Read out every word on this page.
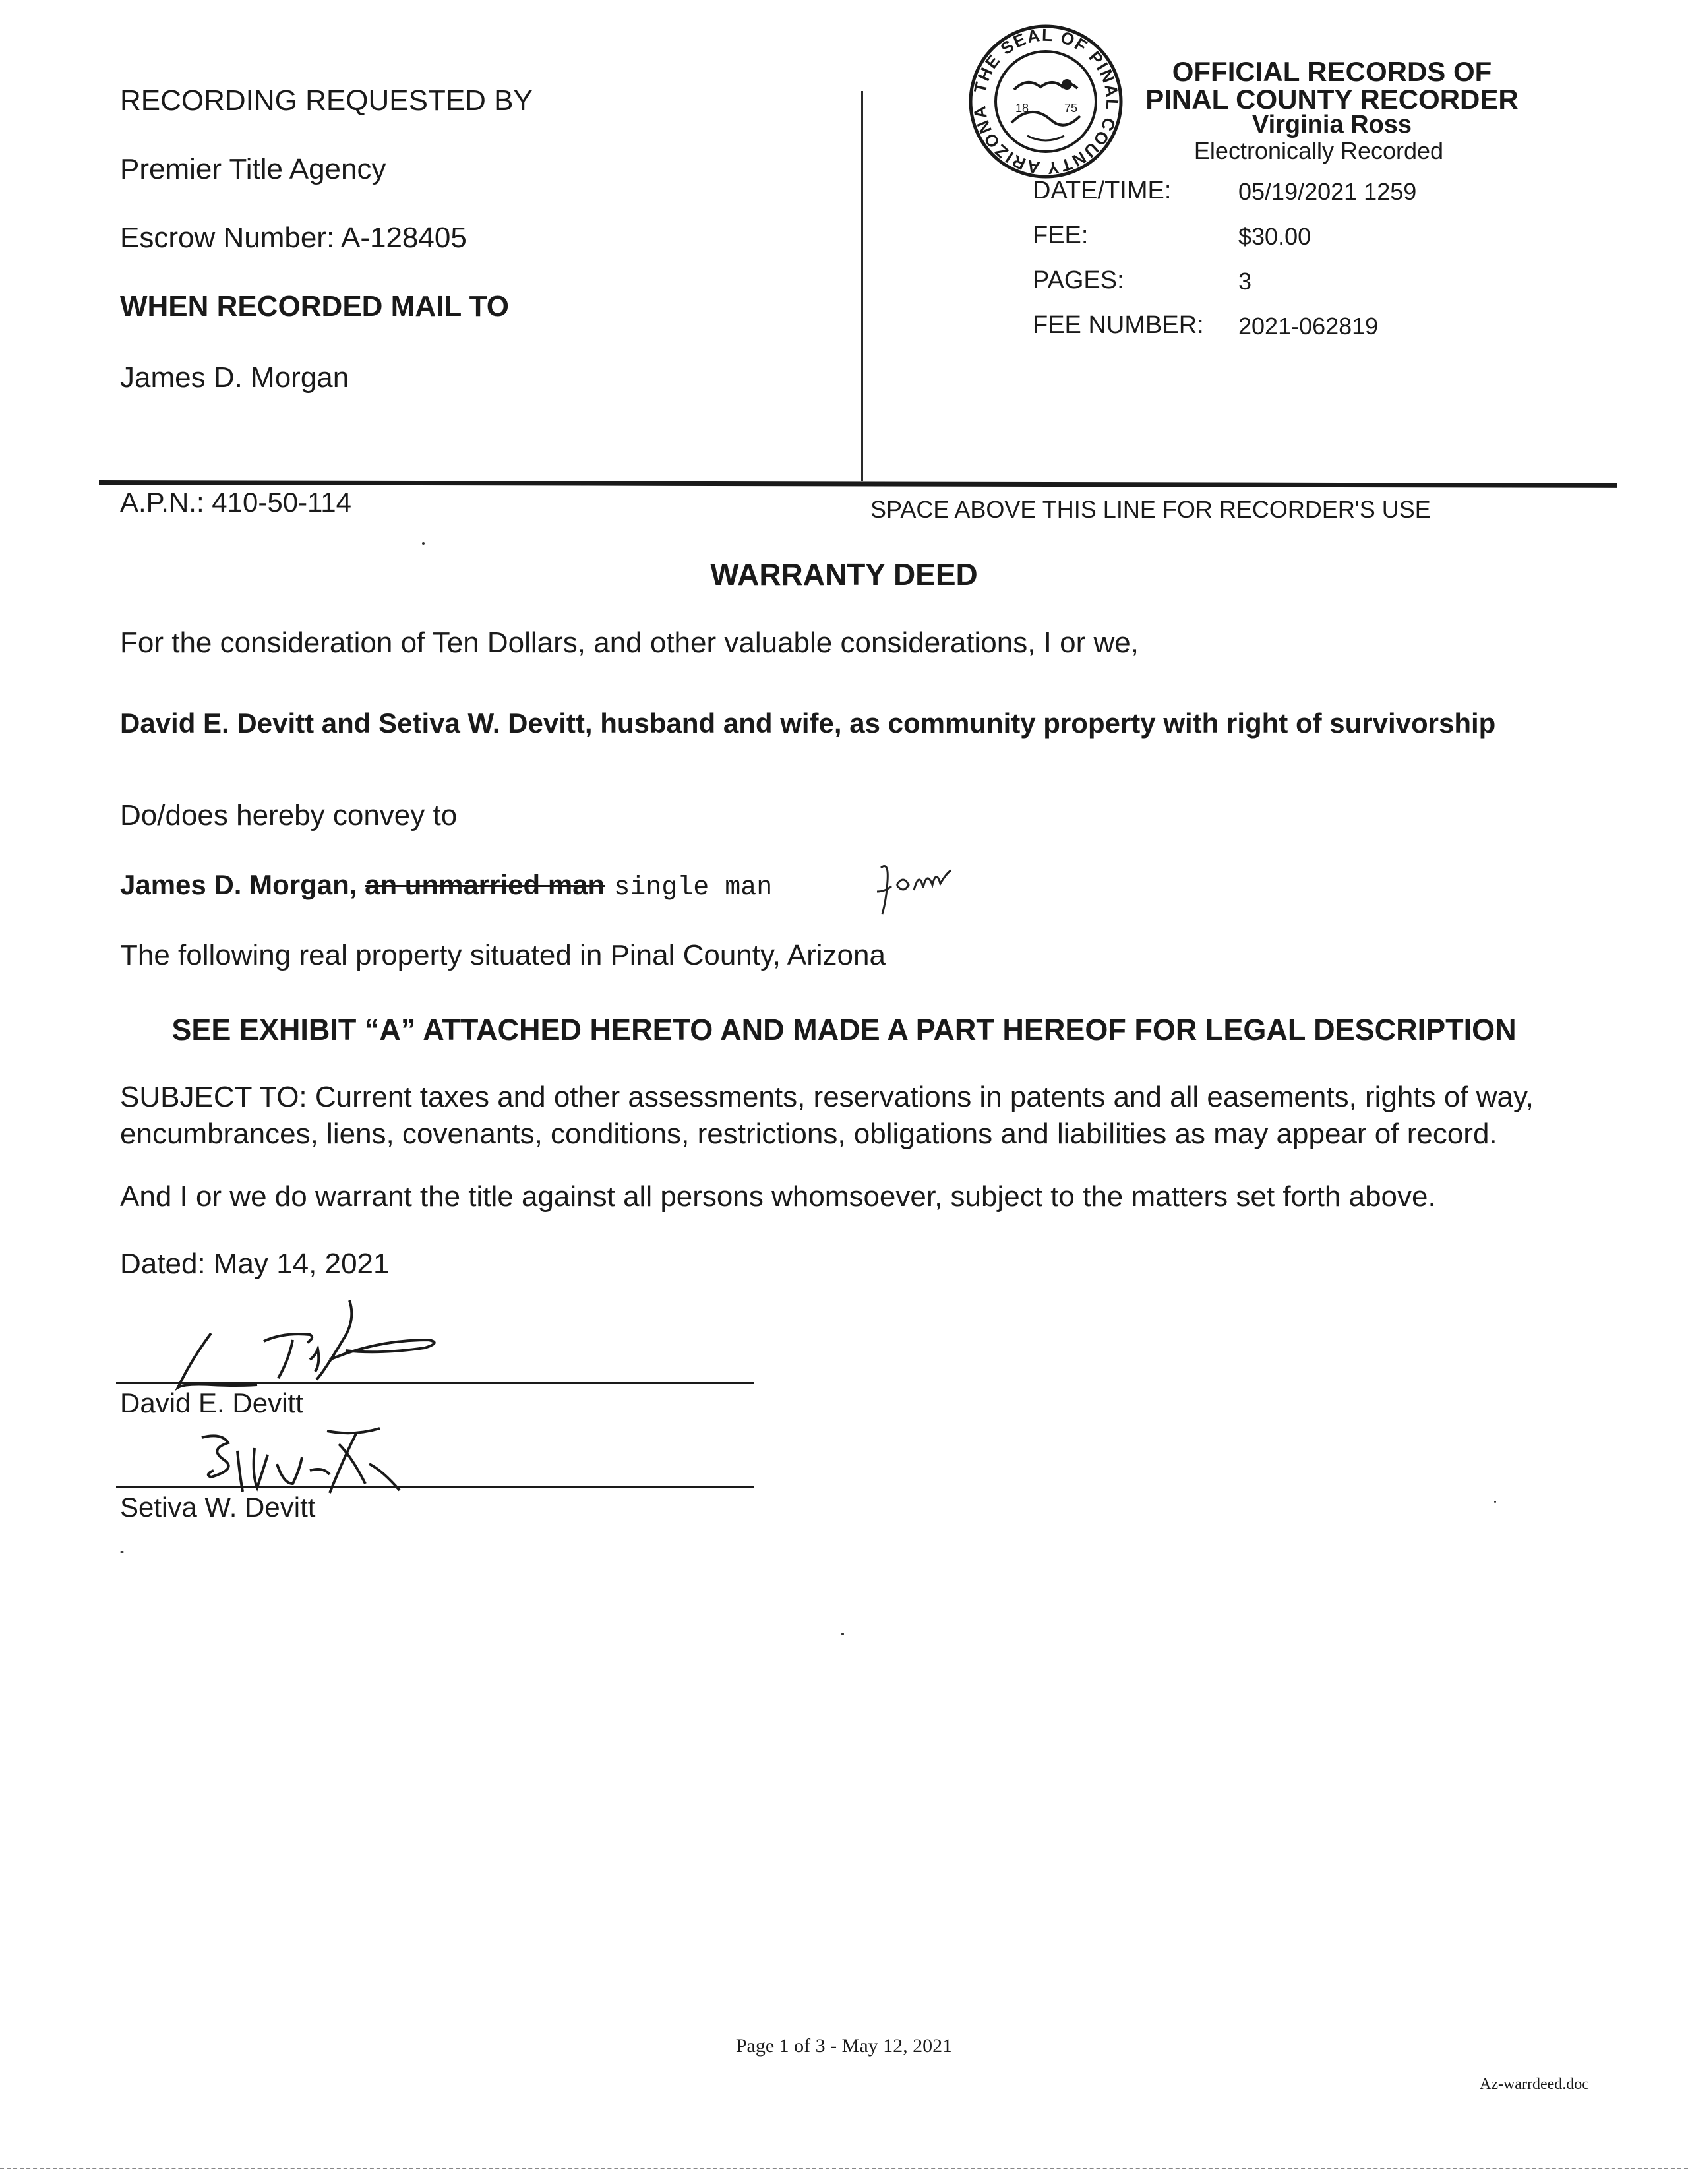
RECORDING REQUESTED BY
Premier Title Agency
Escrow Number: A-128405
WHEN RECORDED MAIL TO
James D. Morgan
THE SEAL OF PINAL COUNTY ARIZONA	18	75
OFFICIAL RECORDS OF
PINAL COUNTY RECORDER
Virginia Ross
Electronically Recorded
DATE/TIME:	05/19/2021 1259
FEE:	$30.00
PAGES:	3
FEE NUMBER: 2021-062819
A.P.N.: 410-50-114	SPACE ABOVE THIS LINE FOR RECORDER'S USE
WARRANTY DEED
For the consideration of Ten Dollars, and other valuable considerations, I or we,
David E. Devitt and Setiva W. Devitt, husband and wife, as community property with right of survivorship
Do/does hereby convey to
James D. Morgan, an unmarried man single man
The following real property situated in Pinal County, Arizona
SEE EXHIBIT “A” ATTACHED HERETO AND MADE A PART HEREOF FOR LEGAL DESCRIPTION
SUBJECT TO: Current taxes and other assessments, reservations in patents and all easements, rights of way, encumbrances, liens, covenants, conditions, restrictions, obligations and liabilities as may appear of record.
And I or we do warrant the title against all persons whomsoever, subject to the matters set forth above.
Dated: May 14, 2021
David E. Devitt
Setiva W. Devitt
Page 1 of 3 - May 12, 2021
Az-warrdeed.doc
